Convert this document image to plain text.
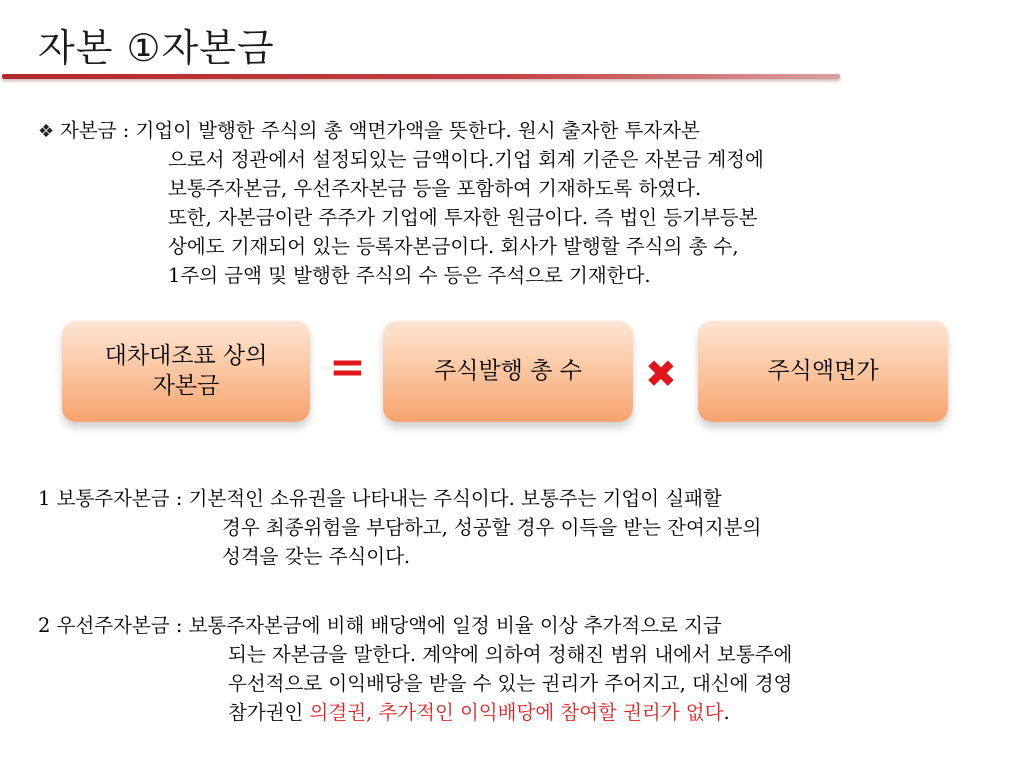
자본 ①자본금
❖ 자본금 : 기업이 발행한 주식의 총 액면가액을 뜻한다. 원시 출자한 투자자본
으로서 정관에서 설정되있는 금액이다.기업 회계 기준은 자본금 계정에
보통주자본금, 우선주자본금 등을 포함하여 기재하도록 하였다.
또한, 자본금이란 주주가 기업에 투자한 원금이다. 즉 법인 등기부등본
상에도 기재되어 있는 등록자본금이다. 회사가 발행할 주식의 총 수,
1주의 금액 및 발행한 주식의 수 등은 주석으로 기재한다.
대차대조표 상의
자본금	=	주식발행 총 수 ✖	주식액면가
1 보통주자본금 : 기본적인 소유권을 나타내는 주식이다. 보통주는 기업이 실패할
경우 최종위험을 부담하고, 성공할 경우 이득을 받는 잔여지분의
성격을 갖는 주식이다.
2 우선주자본금 : 보통주자본금에 비해 배당액에 일정 비율 이상 추가적으로 지급
되는 자본금을 말한다. 계약에 의하여 정해진 범위 내에서 보통주에
우선적으로 이익배당을 받을 수 있는 권리가 주어지고, 대신에 경영
참가권인 의결권, 추가적인 이익배당에 참여할 권리가 없다.
